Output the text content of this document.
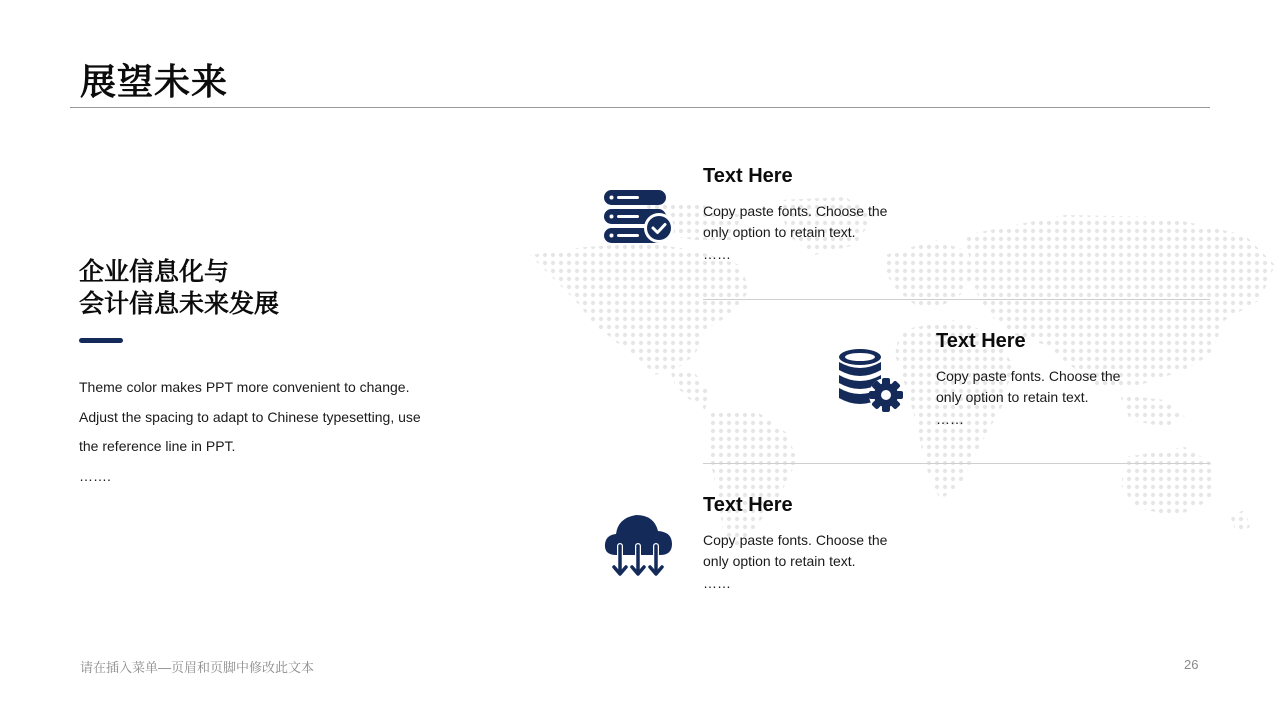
展望未来
企业信息化与
会计信息未来发展
Theme color makes PPT more convenient to change.
Adjust the spacing to adapt to Chinese typesetting, use
the reference line in PPT.
…….
Text Here
Copy paste fonts. Choose the
only option to retain text.
……
Text Here
Copy paste fonts. Choose the
only option to retain text.
……
Text Here
Copy paste fonts. Choose the
only option to retain text.
……
请在插入菜单—页眉和页脚中修改此文本	26
